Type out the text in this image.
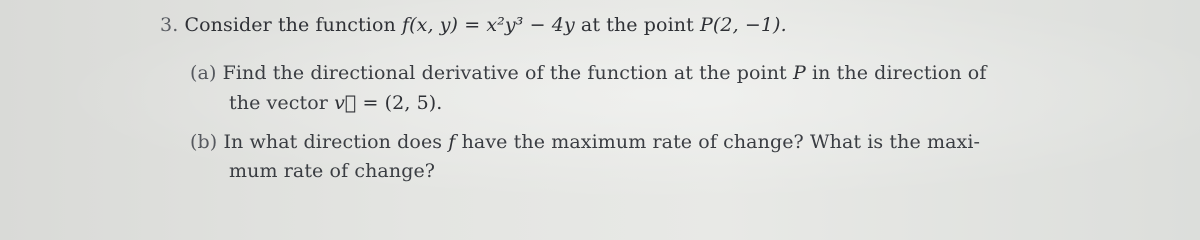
3. Consider the function f(x, y) = x²y³ − 4y at the point P(2, −1).
(a) Find the directional derivative of the function at the point P in the direction of
the vector v⃗ = (2, 5).
(b) In what direction does f have the maximum rate of change? What is the maxi-
mum rate of change?
